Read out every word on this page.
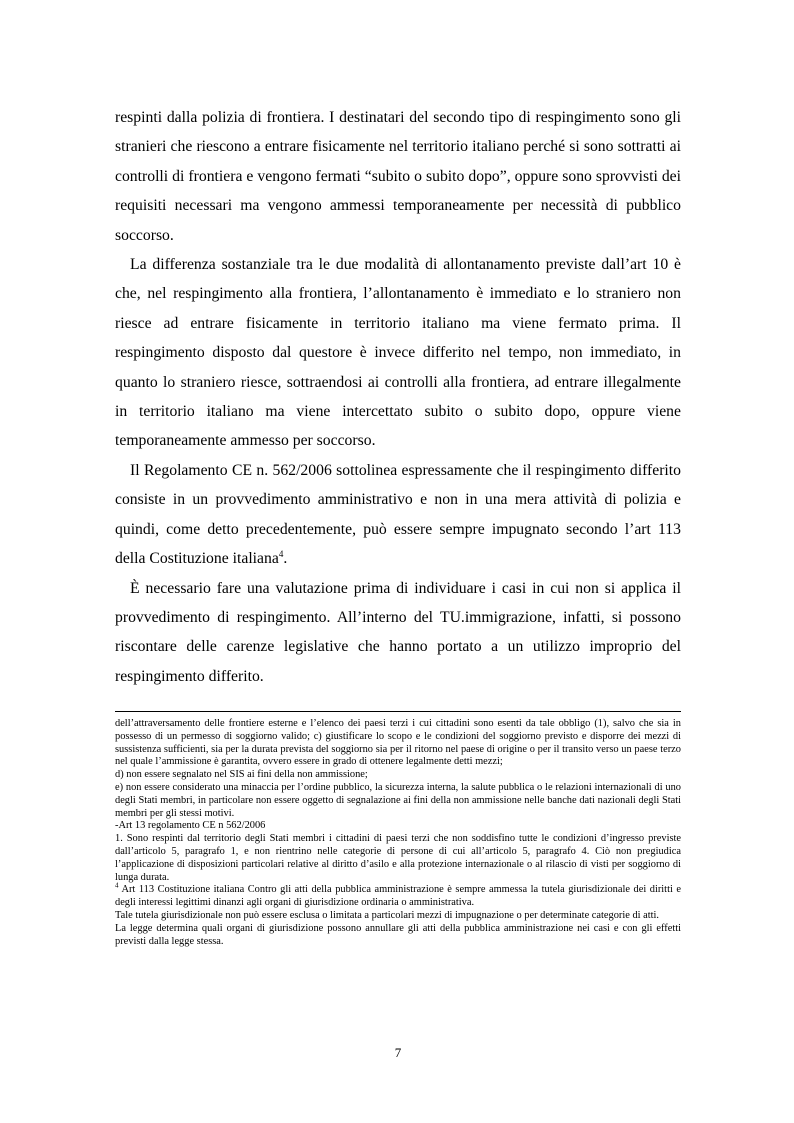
respinti dalla polizia di frontiera. I destinatari del secondo tipo di respingimento sono gli stranieri che riescono a entrare fisicamente nel territorio italiano perché si sono sottratti ai controlli di frontiera e vengono fermati “subito o subito dopo”, oppure sono sprovvisti dei requisiti necessari ma vengono ammessi temporaneamente per necessità di pubblico soccorso.

La differenza sostanziale tra le due modalità di allontanamento previste dall’art 10 è che, nel respingimento alla frontiera, l’allontanamento è immediato e lo straniero non riesce ad entrare fisicamente in territorio italiano ma viene fermato prima. Il respingimento disposto dal questore è invece differito nel tempo, non immediato, in quanto lo straniero riesce, sottraendosi ai controlli alla frontiera, ad entrare illegalmente in territorio italiano ma viene intercettato subito o subito dopo, oppure viene temporaneamente ammesso per soccorso.

Il Regolamento CE n. 562/2006 sottolinea espressamente che il respingimento differito consiste in un provvedimento amministrativo e non in una mera attività di polizia e quindi, come detto precedentemente, può essere sempre impugnato secondo l’art 113 della Costituzione italiana$^4$.

È necessario fare una valutazione prima di individuare i casi in cui non si applica il provvedimento di respingimento. All’interno del TU.immigrazione, infatti, si possono riscontare delle carenze legislative che hanno portato a un utilizzo improprio del respingimento differito.

dell’attraversamento delle frontiere esterne e l’elenco dei paesi terzi i cui cittadini sono esenti da tale obbligo (1), salvo che sia in possesso di un permesso di soggiorno valido; c) giustificare lo scopo e le condizioni del soggiorno previsto e disporre dei mezzi di sussistenza sufficienti, sia per la durata prevista del soggiorno sia per il ritorno nel paese di origine o per il transito verso un paese terzo nel quale l’ammissione è garantita, ovvero essere in grado di ottenere legalmente detti mezzi;

d) non essere segnalato nel SIS ai fini della non ammissione;

e) non essere considerato una minaccia per l’ordine pubblico, la sicurezza interna, la salute pubblica o le relazioni internazionali di uno degli Stati membri, in particolare non essere oggetto di segnalazione ai fini della non ammissione nelle banche dati nazionali degli Stati membri per gli stessi motivi.

-Art 13 regolamento CE n 562/2006

1. Sono respinti dal territorio degli Stati membri i cittadini di paesi terzi che non soddisfino tutte le condizioni d’ingresso previste dall’articolo 5, paragrafo 1, e non rientrino nelle categorie di persone di cui all’articolo 5, paragrafo 4. Ciò non pregiudica l’applicazione di disposizioni particolari relative al diritto d’asilo e alla protezione internazionale o al rilascio di visti per soggiorno di lunga durata.

$^4$ Art 113 Costituzione italiana Contro gli atti della pubblica amministrazione è sempre ammessa la tutela giurisdizionale dei diritti e degli interessi legittimi dinanzi agli organi di giurisdizione ordinaria o amministrativa.

Tale tutela giurisdizionale non può essere esclusa o limitata a particolari mezzi di impugnazione o per determinate categorie di atti.

La legge determina quali organi di giurisdizione possono annullare gli atti della pubblica amministrazione nei casi e con gli effetti previsti dalla legge stessa.

7
